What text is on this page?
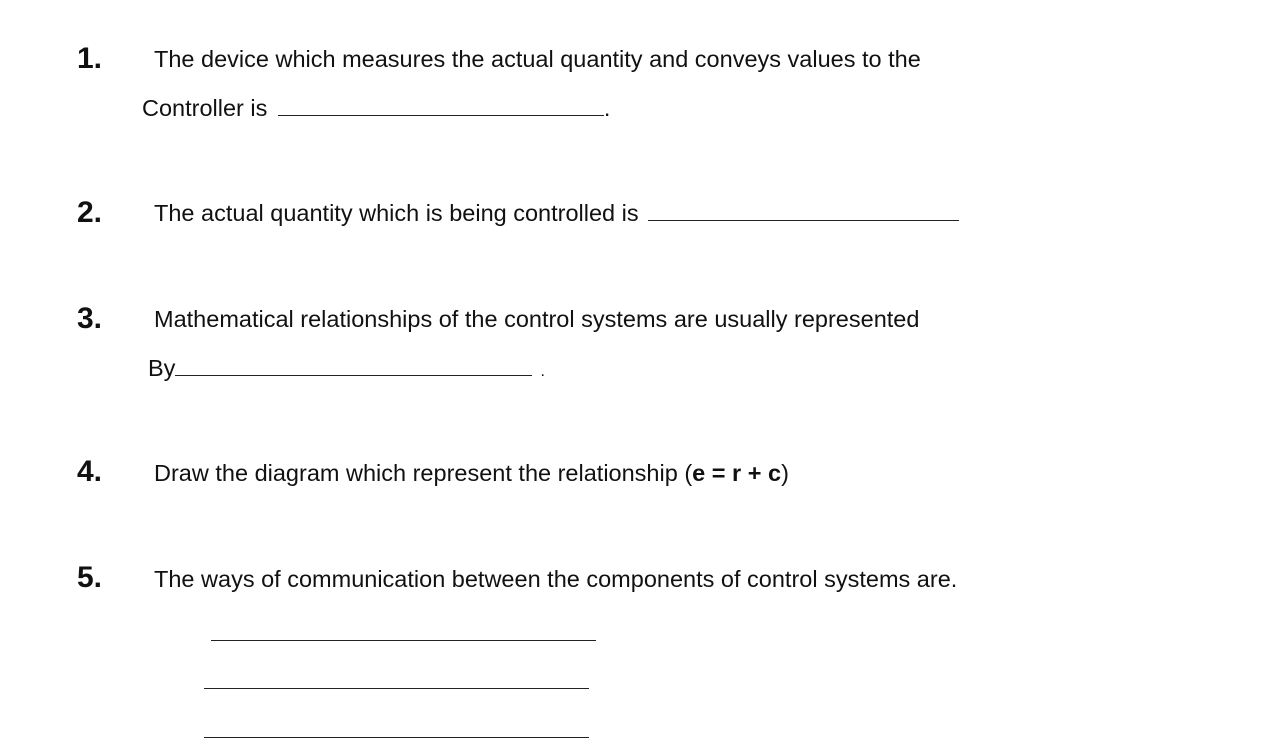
1. The device which measures the actual quantity and conveys values to the
Controller is	.
2. The actual quantity which is being controlled is
3. Mathematical relationships of the control systems are usually represented
By	.
4. Draw the diagram which represent the relationship (e = r + c)
5. The ways of communication between the components of control systems are.
